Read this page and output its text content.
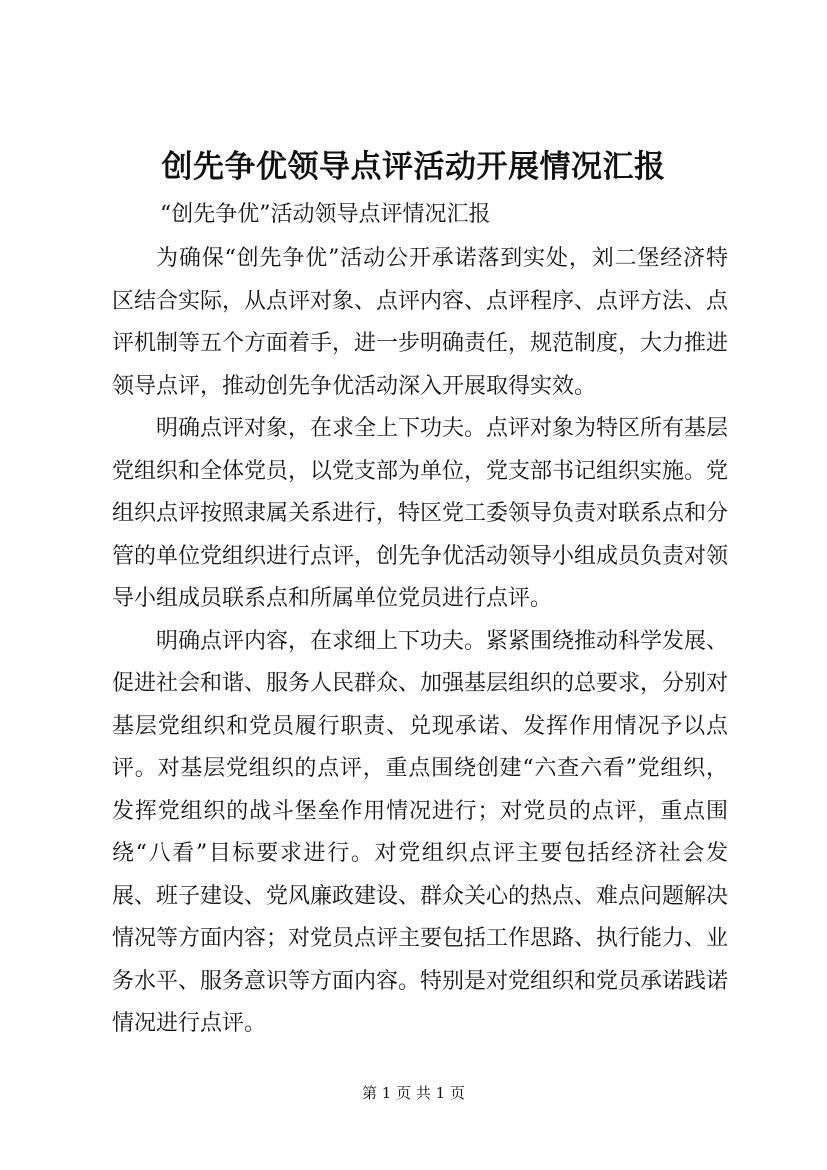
创先争优领导点评活动开展情况汇报

“创先争优”活动领导点评情况汇报

为确保“创先争优”活动公开承诺落到实处，刘二堡经济特区结合实际，从点评对象、点评内容、点评程序、点评方法、点评机制等五个方面着手，进一步明确责任，规范制度，大力推进领导点评，推动创先争优活动深入开展取得实效。

明确点评对象，在求全上下功夫。点评对象为特区所有基层党组织和全体党员，以党支部为单位，党支部书记组织实施。党组织点评按照隶属关系进行，特区党工委领导负责对联系点和分管的单位党组织进行点评，创先争优活动领导小组成员负责对领导小组成员联系点和所属单位党员进行点评。

明确点评内容，在求细上下功夫。紧紧围绕推动科学发展、促进社会和谐、服务人民群众、加强基层组织的总要求，分别对基层党组织和党员履行职责、兑现承诺、发挥作用情况予以点评。对基层党组织的点评，重点围绕创建“六查六看”党组织，发挥党组织的战斗堡垒作用情况进行；对党员的点评，重点围绕“八看”目标要求进行。对党组织点评主要包括经济社会发展、班子建设、党风廉政建设、群众关心的热点、难点问题解决情况等方面内容；对党员点评主要包括工作思路、执行能力、业务水平、服务意识等方面内容。特别是对党组织和党员承诺践诺情况进行点评。

第 1 页 共 1 页
